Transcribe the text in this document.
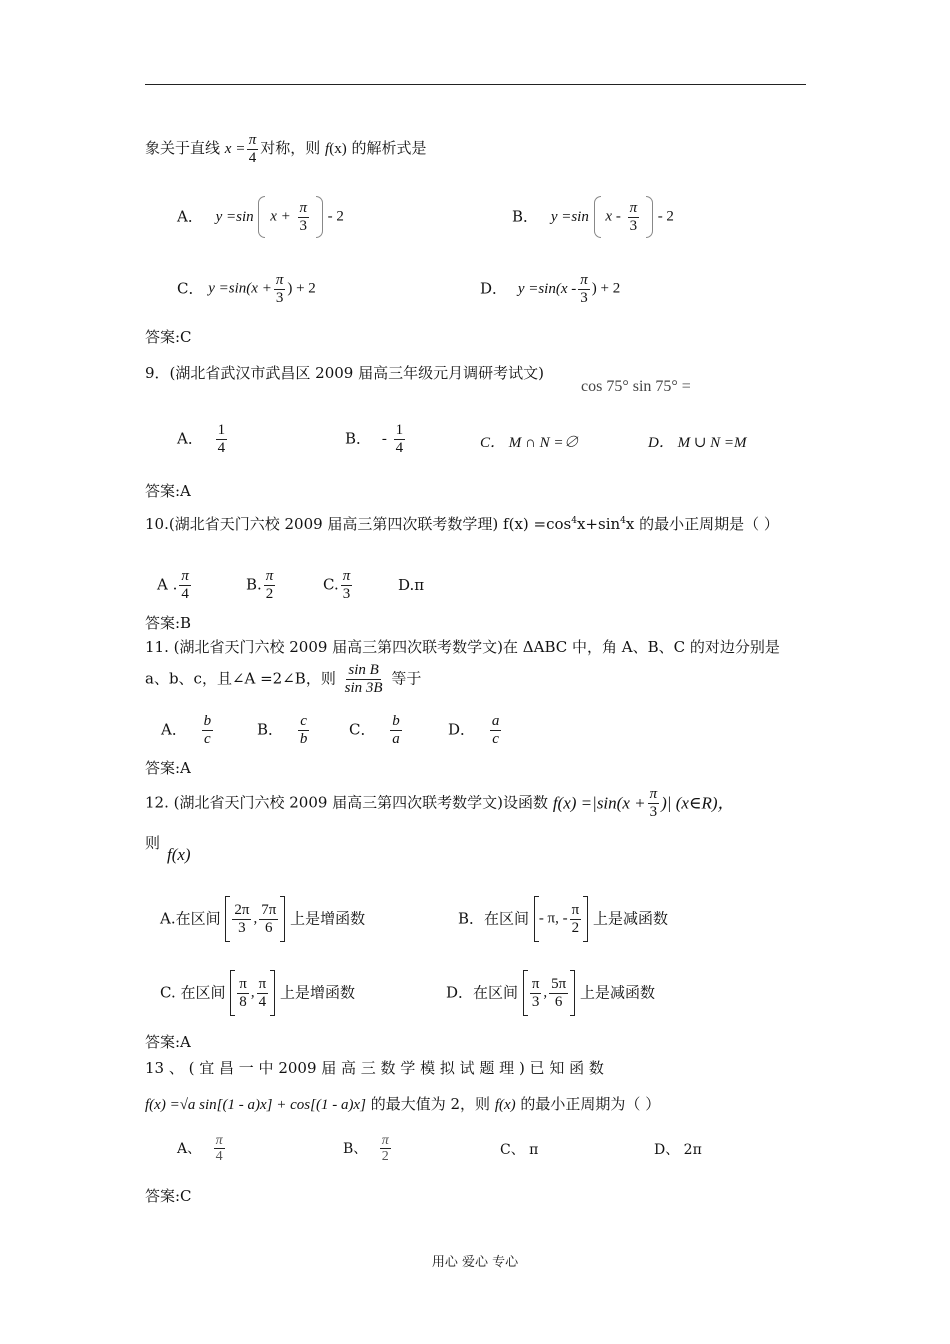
象关于直线 $x = \frac{\pi}{4}$ 对称，则 f(x) 的解析式是
A． y =sin $x + \frac{\pi}{3} - 2$	B． y =sin x - $\frac{\pi}{3} - 2$
C． $y =\sin(x + \frac{\pi}{3}$ ) + 2	D． $y =\sin(x - \frac{\pi}{3}$ ) + 2
答案:C
9．(湖北省武汉市武昌区 2009 届高三年级元月调研考试文)
cos 75° sin 75° =
A． $\frac{1}{4}$	B． - $\frac{1}{4}$	C． M ∩ N =∅	D． M ∪ N =M
答案:A
10.(湖北省天门六校 2009 届高三第四次联考数学理) $f(x) =\cos^4x+\sin^4x$ 的最小正周期是（ ）
A . $\frac{\pi}{4}$	B. $\frac{\pi}{2}$	C. $\frac{\pi}{3}$	D.π
答案:B
11. (湖北省天门六校 2009 届高三第四次联考数学文)在 ΔABC 中，角 A、B、C 的对边分别是
a、b、c，且∠A =2∠B，则 $\frac{\text{sin B}}{\sin 3B}$ 等于
A． $\frac{b}{c}$	B． $\frac{c}{b}$	C． $\frac{b}{a}$	D． $\frac{a}{c}$
答案:A
12. (湖北省天门六校 2009 届高三第四次联考数学文)设函数 $f(x) =|\sin(x + \frac{\pi}{3}$ )| (x∈R)，
则
f(x)
A.在区间 $\frac{2\pi}{3}$ , $\frac{7\pi}{6}$ 上是增函数	B．在区间 - π, - $\frac{\pi}{2}$ 上是减函数
C. 在区间 $\frac{\pi}{8}$ , $\frac{\pi}{4}$ 上是增函数	D．在区间 $\frac{\pi}{3}$ , $\frac{5\pi}{6}$ 上是减函数
答案:A
13 、 ( 宜 昌 一 中 2009 届 高 三 数 学 模 拟 试 题 理 ) 已 知 函 数
f(x) =√a sin[(1 - a)x] + cos[(1 - a)x] 的最大值为 2，则 f(x) 的最小正周期为（ ）
A、 $\frac{\pi}{4}$	B、 $\frac{\pi}{2}$	C、 π	D、 2π
答案:C
用心 爱心 专心
